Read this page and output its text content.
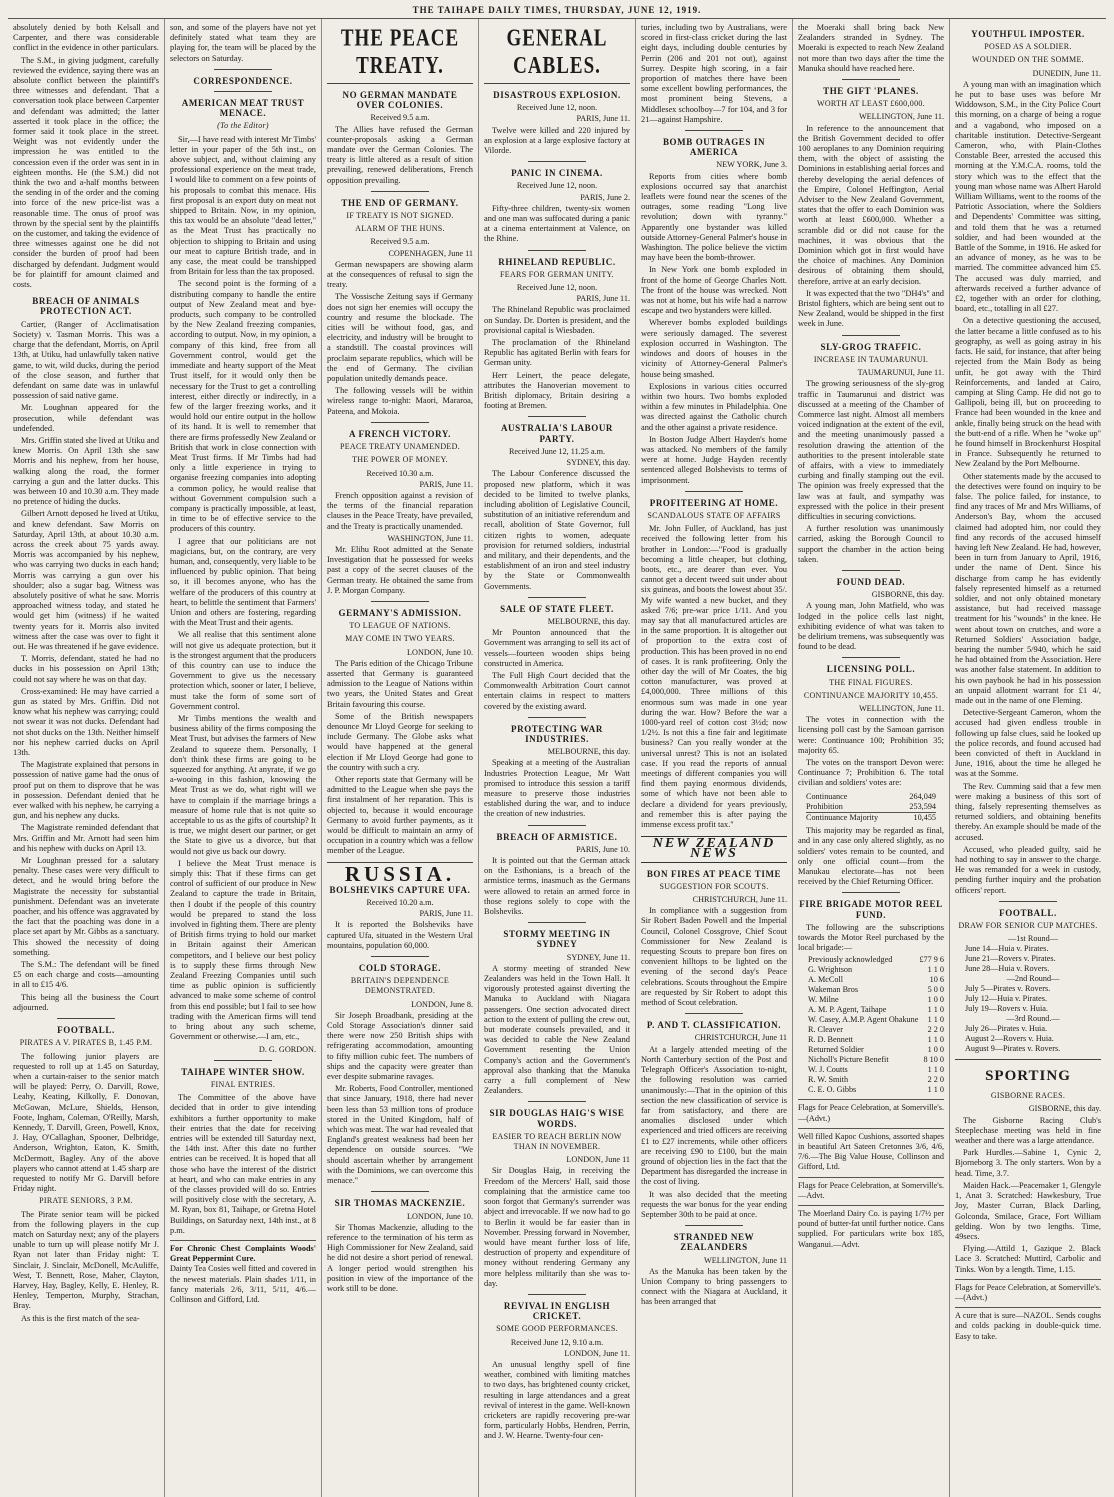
THE TAIHAPE DAILY TIMES, THURSDAY, JUNE 12, 1919.

absolutely denied by both Kelsall and Carpenter, and there was considerable conflict in the evidence in other particulars.

The S.M., in giving judgment, carefully reviewed the evidence, saying there was an absolute conflict between the plaintiff's three witnesses and defendant. That a conversation took place between Carpenter and defendant was admitted; the latter asserted it took place in the office; the former said it took place in the street. Weight was not evidently under the impression he was entitled to the concession even if the order was sent in in eighteen months. He (the S.M.) did not think the two and a-half months between the sending in of the order and the coming into force of the new price-list was a reasonable time. The onus of proof was thrown by the special sent by the plaintiffs on the customer, and taking the evidence of three witnesses against one he did not consider the burden of proof had been discharged by defendant. Judgment would be for plaintiff for amount claimed and costs.

BREACH OF ANIMALS PROTECTION ACT.

Cartier, (Ranger of Acclimatisation Society) v. Tasman Morris. This was a charge that the defendant, Morris, on April 13th, at Utiku, had unlawfully taken native game, to wit, wild ducks, during the period of the close season, and further that defendant on same date was in unlawful possession of said native game.

Mr. Loughnan appeared for the prosecution, while defendant was undefended.

Mrs. Griffin stated she lived at Utiku and knew Morris. On April 13th she saw Morris and his nephew, from her house, walking along the road, the former carrying a gun and the latter ducks. This was between 10 and 10.30 a.m. They made no pretence of hiding the ducks.

Gilbert Arnott deposed he lived at Utiku, and knew defendant. Saw Morris on Saturday, April 13th, at about 10.30 a.m. across the creek about 75 yards away. Morris was accompanied by his nephew, who was carrying two ducks in each hand; Morris was carrying a gun over his shoulder; also a sugar bag. Witness was absolutely positive of what he saw. Morris approached witness today, and stated he would get him (witness) if he waited twenty years for it. Morris also invited witness after the case was over to fight it out. He was threatened if he gave evidence.

T. Morris, defendant, stated he had no ducks in his possession on April 13th; could not say where he was on that day.

Cross-examined: He may have carried a gun as stated by Mrs. Griffin. Did not know what his nephew was carrying; could not swear it was not ducks. Defendant had not shot ducks on the 13th. Neither himself nor his nephew carried ducks on April 13th.

The Magistrate explained that persons in possession of native game had the onus of proof put on them to disprove that he was in possession. Defendant denied that he ever walked with his nephew, he carrying a gun, and his nephew any ducks.

The Magistrate reminded defendant that Mrs. Griffin and Mr. Arnott had seen him and his nephew with ducks on April 13.

Mr Loughnan pressed for a salutary penalty. These cases were very difficult to detect, and he would bring before the Magistrate the necessity for substantial punishment. Defendant was an inveterate poacher, and his offence was aggravated by the fact that the poaching was done in a place set apart by Mr. Gibbs as a sanctuary. This showed the necessity of doing something.

The S.M.: The defendant will be fined £5 on each charge and costs—amounting in all to £15 4/6.

This being all the business the Court adjourned.

FOOTBALL.
PIRATES A V. PIRATES B, 1.45 P.M.

The following junior players are requested to roll up at 1.45 on Saturday, when a curtain-raiser to the senior match will be played: Perry, O. Darvill, Rowe, Leahy, Keating, Kilkolly, F. Donovan, McGowan, McLure, Shields, Henson, Foote, Ingham, Coleman, O'Reilly, Marsh, Kennedy, T. Darvill, Green, Powell, Knox, J. Hay, O'Callaghan, Spooner, Delbridge, Anderson, Wrighton, Eaton, K. Smith, McDermott, Bagley. Any of the above players who cannot attend at 1.45 sharp are requested to notify Mr G. Darvill before Friday night.

PIRATE SENIORS, 3 P.M.

The Pirate senior team will be picked from the following players in the cup match on Saturday next; any of the players unable to turn up will please notify Mr J. Ryan not later than Friday night: T. Sinclair, J. Sinclair, McDonell, McAuliffe, West, T. Bennett, Rose, Maher, Clayton, Harvey, Hay, Bagley, Kelly, E. Henley, R. Henley, Temperton, Murphy, Strachan, Bray.

As this is the first match of the sea-

son, and some of the players have not yet definitely stated what team they are playing for, the team will be placed by the selectors on Saturday.

CORRESPONDENCE.
AMERICAN MEAT TRUST MENACE.
(To the Editor)

Sir,—I have read with interest Mr Timbs' letter in your paper of the 5th inst., on above subject, and, without claiming any professional experience on the meat trade, I would like to comment on a few points of his proposals to combat this menace. His first proposal is an export duty on meat not shipped to Britain. Now, in my opinion, this tax would be an absolute "dead letter," as the Meat Trust has practically no objection to shipping to Britain and using our meat to capture British trade, and in any case, the meat could be transhipped from Britain for less than the tax proposed.

The second point is the forming of a distributing company to handle the entire output of New Zealand meat and bye-products, such company to be controlled by the New Zealand freezing companies, according to output. Now, in my opinion, a company of this kind, free from all Government control, would get the immediate and hearty support of the Meat Trust itself, for it would only then be necessary for the Trust to get a controlling interest, either directly or indirectly, in a few of the larger freezing works, and it would hold our entire output in the hollow of its hand. It is well to remember that there are firms professedly New Zealand or British that work in close connection with Meat Trust firms. If Mr Timbs had had only a little experience in trying to organise freezing companies into adopting a common policy, he would realise that without Government compulsion such a company is practically impossible, at least, in time to be of effective service to the producers of this country.

I agree that our politicians are not magicians, but, on the contrary, are very human, and, consequently, very liable to be influenced by public opinion. That being so, it ill becomes anyone, who has the welfare of the producers of this country at heart, to belittle the sentiment that Farmers' Union and others are fostering, regarding with the Meat Trust and their agents.

We all realise that this sentiment alone will not give us adequate protection, but it is the strongest argument that the producers of this country can use to induce the Government to give us the necessary protection which, sooner or later, I believe, must take the form of some sort of Government control.

Mr Timbs mentions the wealth and business ability of the firms composing the Meat Trust, but advises the farmers of New Zealand to squeeze them. Personally, I don't think these firms are going to be squeezed for anything. At anyrate, if we go a-wooing in this fashion, knowing the Meat Trust as we do, what right will we have to complain if the marriage brings a measure of home rule that is not quite so acceptable to us as the gifts of courtship? It is true, we might desert our partner, or get the State to give us a divorce, but that would not give us back our dowry.

I believe the Meat Trust menace is simply this: That if these firms can get control of sufficient of our produce in New Zealand to capture the trade in Britain, then I doubt if the people of this country would be prepared to stand the loss involved in fighting them. There are plenty of British firms trying to hold our market in Britain against their American competitors, and I believe our best policy is to supply these firms through New Zealand Freezing Companies until such time as public opinion is sufficiently advanced to make some scheme of control from this end possible; but I fail to see how trading with the American firms will tend to bring about any such scheme, Government or otherwise.—I am, etc.,

D. G. GORDON.
TAIHAPE WINTER SHOW.
FINAL ENTRIES.

The Committee of the above have decided that in order to give intending exhibitors a further opportunity to make their entries that the date for receiving entries will be extended till Saturday next, the 14th inst. After this date no further entries can be received. It is hoped that all those who have the interest of the district at heart, and who can make entries in any of the classes provided will do so. Entries will positively close with the secretary, A. M. Ryan, box 81, Taihape, or Gretna Hotel Buildings, on Saturday next, 14th inst., at 8 p.m.

For Chronic Chest Complaints Woods' Great Peppermint Cure.
Dainty Tea Cosies well fitted and covered in the newest materials. Plain shades 1/11, in fancy materials 2/6, 3/11, 5/11, 4/6.—Collinson and Gifford, Ltd.
THE PEACE TREATY.
NO GERMAN MANDATE OVER COLONIES.
Received 9.5 a.m.

The Allies have refused the German counter-proposals asking a German mandate over the German Colonies. The treaty is little altered as a result of sition prevailing, renewed deliberations, French opposition prevailing.

THE END OF GERMANY.
IF TREATY IS NOT SIGNED.
ALARM OF THE HUNS.
Received 9.5 a.m.
COPENHAGEN, June 11

German newspapers are showing alarm at the consequences of refusal to sign the treaty.

The Vossische Zeitung says if Germany does not sign her enemies will occupy the country and resume the blockade. The cities will be without food, gas, and electricity, and industry will be brought to a standstill. The coastal provinces will proclaim separate republics, which will be the end of Germany. The civilian population unitedly demands peace.

The following vessels will be within wireless range to-night: Maori, Mararoa, Pateena, and Mokoia.

A FRENCH VICTORY.
PEACE TREATY UNAMENDED.
THE POWER OF MONEY.
Received 10.30 a.m.
PARIS, June 11.

French opposition against a revision of the terms of the financial reparation clauses in the Peace Treaty, have prevailed, and the Treaty is practically unamended.

WASHINGTON, June 11.

Mr. Elihu Root admitted at the Senate Investigation that he possessed for weeks past a copy of the secret clauses of the German treaty. He obtained the same from J. P. Morgan Company.

GERMANY'S ADMISSION.
TO LEAGUE OF NATIONS.
MAY COME IN TWO YEARS.
LONDON, June 10.

The Paris edition of the Chicago Tribune asserted that Germany is guaranteed admission to the League of Nations within two years, the United States and Great Britain favouring this course.

Some of the British newspapers denounce Mr Lloyd George for seeking to include Germany. The Globe asks what would have happened at the general election if Mr Lloyd George had gone to the country with such a cry.

Other reports state that Germany will be admitted to the League when she pays the first instalment of her reparation. This is objected to, because it would encourage Germany to avoid further payments, as it would be difficult to maintain an army of occupation in a country which was a fellow member of the League.

RUSSIA.
BOLSHEVIKS CAPTURE UFA.
Received 10.20 a.m.
PARIS, June 11.

It is reported the Bolsheviks have captured Ufa, situated in the Western Ural mountains, population 60,000.

COLD STORAGE.
BRITAIN'S DEPENDENCE DEMONSTRATED.
LONDON, June 8.

Sir Joseph Broadbank, presiding at the Cold Storage Association's dinner said there were now 250 British ships with refrigerating accommodation, amounting to fifty million cubic feet. The numbers of ships and the capacity were greater than ever despite submarine ravages.

Mr. Roberts, Food Controller, mentioned that since January, 1918, there had never been less than 53 million tons of produce stored in the United Kingdom, half of which was meat. The war had revealed that England's greatest weakness had been her dependence on outside sources. "We should ascertain whether by arrangement with the Dominions, we can overcome this menace."

SIR THOMAS MACKENZIE.
LONDON, June 10.

Sir Thomas Mackenzie, alluding to the reference to the termination of his term as High Commissioner for New Zealand, said he did not desire a short period of renewal. A longer period would strengthen his position in view of the importance of the work still to be done.

GENERAL CABLES.
DISASTROUS EXPLOSION.
Received June 12, noon.
PARIS, June 11.

Twelve were killed and 220 injured by an explosion at a large explosive factory at Vilorde.

PANIC IN CINEMA.
Received June 12, noon.
PARIS, June 2.

Fifty-three children, twenty-six women and one man was suffocated during a panic at a cinema entertainment at Valence, on the Rhine.

RHINELAND REPUBLIC.
FEARS FOR GERMAN UNITY.
Received June 12, noon.
PARIS, June 11.

The Rhineland Republic was proclaimed on Sunday. Dr. Dorten is president, and the provisional capital is Wiesbaden.

The proclamation of the Rhineland Republic has agitated Berlin with fears for German unity.

Herr Leinert, the peace delegate, attributes the Hanoverian movement to British diplomacy, Britain desiring a footing at Bremen.

AUSTRALIA'S LABOUR PARTY.
Received June 12, 11.25 a.m.
SYDNEY, this day.

The Labour Conference discussed the proposed new platform, which it was decided to be limited to twelve planks, including abolition of Legislative Council, substitution of an initiative referendum and recall, abolition of State Governor, full citizen rights to women, adequate provision for returned soldiers, industrial and military, and their dependents, and the establishment of an iron and steel industry by the State or Commonwealth Governments.

SALE OF STATE FLEET.
MELBOURNE, this day.

Mr Pounton announced that the Government was arranging to sell its act of vessels—fourteen wooden ships being constructed in America.

The Full High Court decided that the Commonwealth Arbitration Court cannot entertain claims in respect to matters covered by the existing award.

PROTECTING WAR INDUSTRIES.
MELBOURNE, this day.

Speaking at a meeting of the Australian Industries Protection League, Mr Watt promised to introduce this session a tariff measure to preserve those industries established during the war, and to induce the creation of new industries.

BREACH OF ARMISTICE.
PARIS, June 10.

It is pointed out that the German attack on the Esthonians, is a breach of the armistice terms, inasmuch as the Germans were allowed to retain an armed force in those regions solely to cope with the Bolsheviks.

STORMY MEETING IN SYDNEY
SYDNEY, June 11.

A stormy meeting of stranded New Zealanders was held in the Town Hall. It vigorously protested against diverting the Manuka to Auckland with Niagara passengers. One section advocated direct action to the extent of pulling the crew out, but moderate counsels prevailed, and it was decided to cable the New Zealand Government resenting the Union Company's action and the Government's approval also thanking that the Manuka carry a full complement of New Zealanders.

SIR DOUGLAS HAIG'S WISE WORDS.
EASIER TO REACH BERLIN NOW THAN IN NOVEMBER.
LONDON, June 11

Sir Douglas Haig, in receiving the Freedom of the Mercers' Hall, said those complaining that the armistice came too soon forgot that Germany's surrender was abject and irrevocable. If we now had to go to Berlin it would be far easier than in November. Pressing forward in November, would have meant further loss of life, destruction of property and expenditure of money without rendering Germany any more helpless militarily than she was to-day.

REVIVAL IN ENGLISH CRICKET.
SOME GOOD PERFORMANCES.
Received June 12, 9.10 a.m.
LONDON, June 11.

An unusual lengthy spell of fine weather, combined with limiting matches to two days, has brightened county cricket, resulting in large attendances and a great revival of interest in the game. Well-known cricketers are rapidly recovering pre-war form, particularly Hobbs, Hendren, Perrin, and J. W. Hearne. Twenty-four cen-

turies, including two by Australians, were scored in first-class cricket during the last eight days, including double centuries by Perrin (206 and 201 not out), against Surrey. Despite high scoring, in a fair proportion of matches there have been some excellent bowling performances, the most prominent being Stevens, a Middlesex schoolboy—7 for 104, and 3 for 21—against Hampshire.

BOMB OUTRAGES IN AMERICA
NEW YORK, June 3.

Reports from cities where bomb explosions occurred say that anarchist leaflets were found near the scenes of the outrages, some reading "Long live revolution; down with tyranny." Apparently one bystander was killed outside Attorney-General Palmer's house in Washington. The police believe the victim may have been the bomb-thrower.

In New York one bomb exploded in front of the home of George Charles Nott. The front of the house was wrecked. Nott was not at home, but his wife had a narrow escape and two bystanders were killed.

Wherever bombs exploded buildings were seriously damaged. The severest explosion occurred in Washington. The windows and doors of houses in the vicinity of Attorney-General Palmer's house being smashed.

Explosions in various cities occurred within two hours. Two bombs exploded within a few minutes in Philadelphia. One was directed against the Catholic church and the other against a private residence.

In Boston Judge Albert Hayden's home was attacked. No members of the family were at home. Judge Hayden recently sentenced alleged Bolshevists to terms of imprisonment.

PROFITEERING AT HOME.
SCANDALOUS STATE OF AFFAIRS

Mr. John Fuller, of Auckland, has just received the following letter from his brother in London:—"Food is gradually becoming a little cheaper, but clothing, boots, etc., are dearer than ever. You cannot get a decent tweed suit under about six guineas, and boots the lowest about 35/. My wife wanted a new bucket, and they asked 7/6; pre-war price 1/11. And you may say that all manufactured articles are in the same proportion. It is altogether out of proportion to the extra cost of production. This has been proved in no end of cases. It is rank profiteering. Only the other day the will of Mr Coates, the big cotton manufacturer, was proved at £4,000,000. Three millions of this enormous sum was made in one year during the war. How? Before the war a 1000-yard reel of cotton cost 3½d; now 1/2½. Is not this a fine fair and legitimate business? Can you really wonder at the universal unrest? This is not an isolated case. If you read the reports of annual meetings of different companies you will find them paying enormous dividends, some of which have not been able to declare a dividend for years previously, and remember this is after paying the immense excess profit tax."

NEW ZEALAND NEWS
BON FIRES AT PEACE TIME
SUGGESTION FOR SCOUTS.
CHRISTCHURCH, June 11.

In compliance with a suggestion from Sir Robert Baden Powell and the Imperial Council, Colonel Cossgrove, Chief Scout Commissioner for New Zealand is requesting Scouts to prepare bon fires on convenient hilltops to be lighted on the evening of the second day's Peace celebrations. Scouts throughout the Empire are requested by Sir Robert to adopt this method of Scout celebration.

P. AND T. CLASSIFICATION.
CHRISTCHURCH, June 11

At a largely attended meeting of the North Canterbury section of the Post and Telegraph Officer's Association to-night, the following resolution was carried unanimously:—That in the opinion of this section the new classification of service is far from satisfactory, and there are anomalies disclosed under which experienced and tried officers are receiving £1 to £27 increments, while other officers are receiving £90 to £100, but the main ground of objection lies in the fact that the Department has disregarded the increase in the cost of living.

It was also decided that the meeting requests the war bonus for the year ending September 30th to be paid at once.

STRANDED NEW ZEALANDERS
WELLINGTON, June 11

As the Manuka has been taken by the Union Company to bring passengers to connect with the Niagara at Auckland, it has been arranged that

the Moeraki shall bring back New Zealanders stranded in Sydney. The Moeraki is expected to reach New Zealand not more than two days after the time the Manuka should have reached here.

THE GIFT 'PLANES.
WORTH AT LEAST £600,000.
WELLINGTON, June 11.

In reference to the announcement that the British Government decided to offer 100 aeroplanes to any Dominion requiring them, with the object of assisting the Dominions in establishing aerial forces and thereby developing the aerial defences of the Empire, Colonel Heffington, Aerial Adviser to the New Zealand Government, states that the offer to each Dominion was worth at least £600,000. Whether a scramble did or did not cause for the machines, it was obvious that the Dominion which got in first would have the choice of machines. Any Dominion desirous of obtaining them should, therefore, arrive at an early decision.

It was expected that the two "DH4's" and Bristol fighters, which are being sent out to New Zealand, would be shipped in the first week in June.

SLY-GROG TRAFFIC.
INCREASE IN TAUMARUNUI.
TAUMARUNUI, June 11.

The growing seriousness of the sly-grog traffic in Taumarunui and district was discussed at a meeting of the Chamber of Commerce last night. Almost all members voiced indignation at the extent of the evil, and the meeting unanimously passed a resolution drawing the attention of the authorities to the present intolerable state of affairs, with a view to immediately curbing and finally stamping out the evil. The opinion was freely expressed that the law was at fault, and sympathy was expressed with the police in their present difficulties in securing convictions.

A further resolution was unanimously carried, asking the Borough Council to support the chamber in the action being taken.

FOUND DEAD.
GISBORNE, this day.

A young man, John Matfield, who was lodged in the police cells last night, exhibiting evidence of what was taken to be delirium tremens, was subsequently was found to be dead.

LICENSING POLL.
THE FINAL FIGURES.
CONTINUANCE MAJORITY 10,455.
WELLINGTON, June 11.

The votes in connection with the licensing poll cast by the Samoan garrison were: Continuance 100; Prohibition 35; majority 65.

The votes on the transport Devon were: Continuance 7; Prohibition 6. The total civilian and soldiers' votes are:

Continuance	264,049
Prohibition	253,594
Continuance Majority	10,455

This majority may be regarded as final, and in any case only altered slightly, as no soldiers' votes remain to be counted, and only one official count—from the Manukau electorate—has not been received by the Chief Returning Officer.

FIRE BRIGADE MOTOR REEL FUND.

The following are the subscriptions towards the Motor Reel purchased by the local brigade:—

Previously acknowledged	£77 9 6
G. Wrightson	1 1 0
A. McColl	10 6
Wakeman Bros	5 0 0
W. Milne	1 0 0
A. M. P. Agent, Taihape	1 1 0
W. Casey, A.M.P. Agent Ohakune 1 1 0
R. Cleaver	2 2 0
R. D. Bennett	1 1 0
Returned Soldier	1 0 0
Nicholl's Picture Benefit	8 10 0
W. J. Coutts	1 1 0
R. W. Smith	2 2 0
C. E. O. Gibbs	1 1 0
Flags for Peace Celebration, at Somerville's.—(Advt.)
Well filled Kapoc Cushions, assorted shapes in beautiful Art Sateen Cretonnes 3/6, 4/6, 7/6.—The Big Value House, Collinson and Gifford, Ltd.
Flags for Peace Celebration, at Somerville's.—Advt.
The Moerland Dairy Co. is paying 1/7½ per pound of butter-fat until further notice. Cans supplied. For particulars write box 185, Wanganui.—Advt.
YOUTHFUL IMPOSTER.
POSED AS A SOLDIER.
WOUNDED ON THE SOMME.
DUNEDIN, June 11.

A young man with an imagination which he put to base uses was before Mr Widdowson, S.M., in the City Police Court this morning, on a charge of being a rogue and a vagabond, who imposed on a charitable institution. Detective-Sergeant Cameron, who, with Plain-Clothes Constable Beer, arrested the accused this morning at the Y.M.C.A. rooms, told the story which was to the effect that the young man whose name was Albert Harold William Williams, went to the rooms of the Patriotic Association, where the Soldiers and Dependents' Committee was sitting, and told them that he was a returned soldier, and had been wounded at the Battle of the Somme, in 1916. He asked for an advance of money, as he was to be married. The committee advanced him £5. The accused was duly married, and afterwards received a further advance of £2, together with an order for clothing, board, etc., totalling in all £27.

On a detective questioning the accused, the latter became a little confused as to his geography, as well as going astray in his facts. He said, for instance, that after being rejected from the Main Body as being unfit, he got away with the Third Reinforcements, and landed at Cairo, camping at Sling Camp. He did not go to Gallipoli, being ill, but on proceeding to France had been wounded in the knee and ankle, finally being struck on the head with the butt-end of a rifle. When he "woke up" he found himself in Brockenhurst Hospital in France. Subsequently he returned to New Zealand by the Port Melbourne.

Other statements made by the accused to the detectives were found on inquiry to be false. The police failed, for instance, to find any traces of Mr and Mrs Williams, of Anderson's Bay, whom the accused claimed had adopted him, nor could they find any records of the accused himself having left New Zealand. He had, however, been in turn from January to April, 1916, under the name of Dent. Since his discharge from camp he has evidently falsely represented himself as a returned soldier, and not only obtained monetary assistance, but had received massage treatment for his "wounds" in the knee. He went about town on crutches, and wore a Returned Soldiers' Association badge, bearing the number 5/940, which he said he had obtained from the Association. Here was another false statement. In addition to his own paybook he had in his possession an unpaid allotment warrant for £1 4/, made out in the name of one Fleming.

Detective-Sergeant Cameron, whom the accused had given endless trouble in following up false clues, said he looked up the police records, and found accused had been convicted of theft in Auckland in June, 1916, about the time he alleged he was at the Somme.

The Rev. Cumming said that a few men were making a business of this sort of thing, falsely representing themselves as returned soldiers, and obtaining benefits thereby. An example should be made of the accused.

Accused, who pleaded guilty, said he had nothing to say in answer to the charge. He was remanded for a week in custody, pending further inquiry and the probation officers' report.

FOOTBALL.
DRAW FOR SENIOR CUP MATCHES.
—1st Round—
June 14—Huia v. Pirates.
June 21—Rovers v. Pirates.
June 28—Huia v. Rovers.
—2nd Round—
July 5—Pirates v. Rovers.
July 12—Huia v. Pirates.
July 19—Rovers v. Huia.
—3rd Round.—
July 26—Pirates v. Huia.
August 2—Rovers v. Huia.
August 9—Pirates v. Rovers.
SPORTING
GISBORNE RACES.
GISBORNE, this day.

The Gisborne Racing Club's Steeplechase meeting was held in fine weather and there was a large attendance.

Park Hurdles.—Sabine 1, Cynic 2, Bjorneborg 3. The only starters. Won by a head. Time, 3.7.

Maiden Hack.—Peacemaker 1, Glengyle 1, Anat 3. Scratched: Hawkesbury, True Joy, Master Curran, Black Darling, Golconda, Smilace, Grace, Fort William gelding. Won by two lengths. Time, 49secs.

Flying.—Attild 1, Gazique 2. Black Lace 3. Scratched: Muttird, Carbolic and Tinks. Won by a length. Time, 1.15.

Flags for Peace Celebration, at Somerville's.—(Advt.)
A cure that is sure—NAZOL. Sends coughs and colds packing in double-quick time. Easy to take.
